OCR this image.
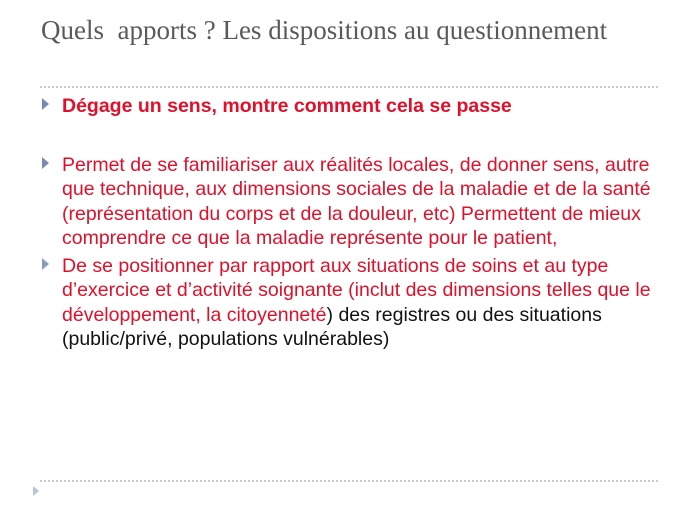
Quels  apports ? Les dispositions au questionnement
Dégage un sens, montre comment cela se passe
Permet de se familiariser aux réalités locales, de donner sens, autre que technique, aux dimensions sociales de la maladie et de la santé (représentation du corps et de la douleur, etc) Permettent de mieux comprendre ce que la maladie représente pour le patient,
De se positionner par rapport aux situations de soins et au type d’exercice et d’activité soignante (inclut des dimensions telles que le développement, la citoyenneté) des registres ou des situations (public/privé, populations vulnérables)
